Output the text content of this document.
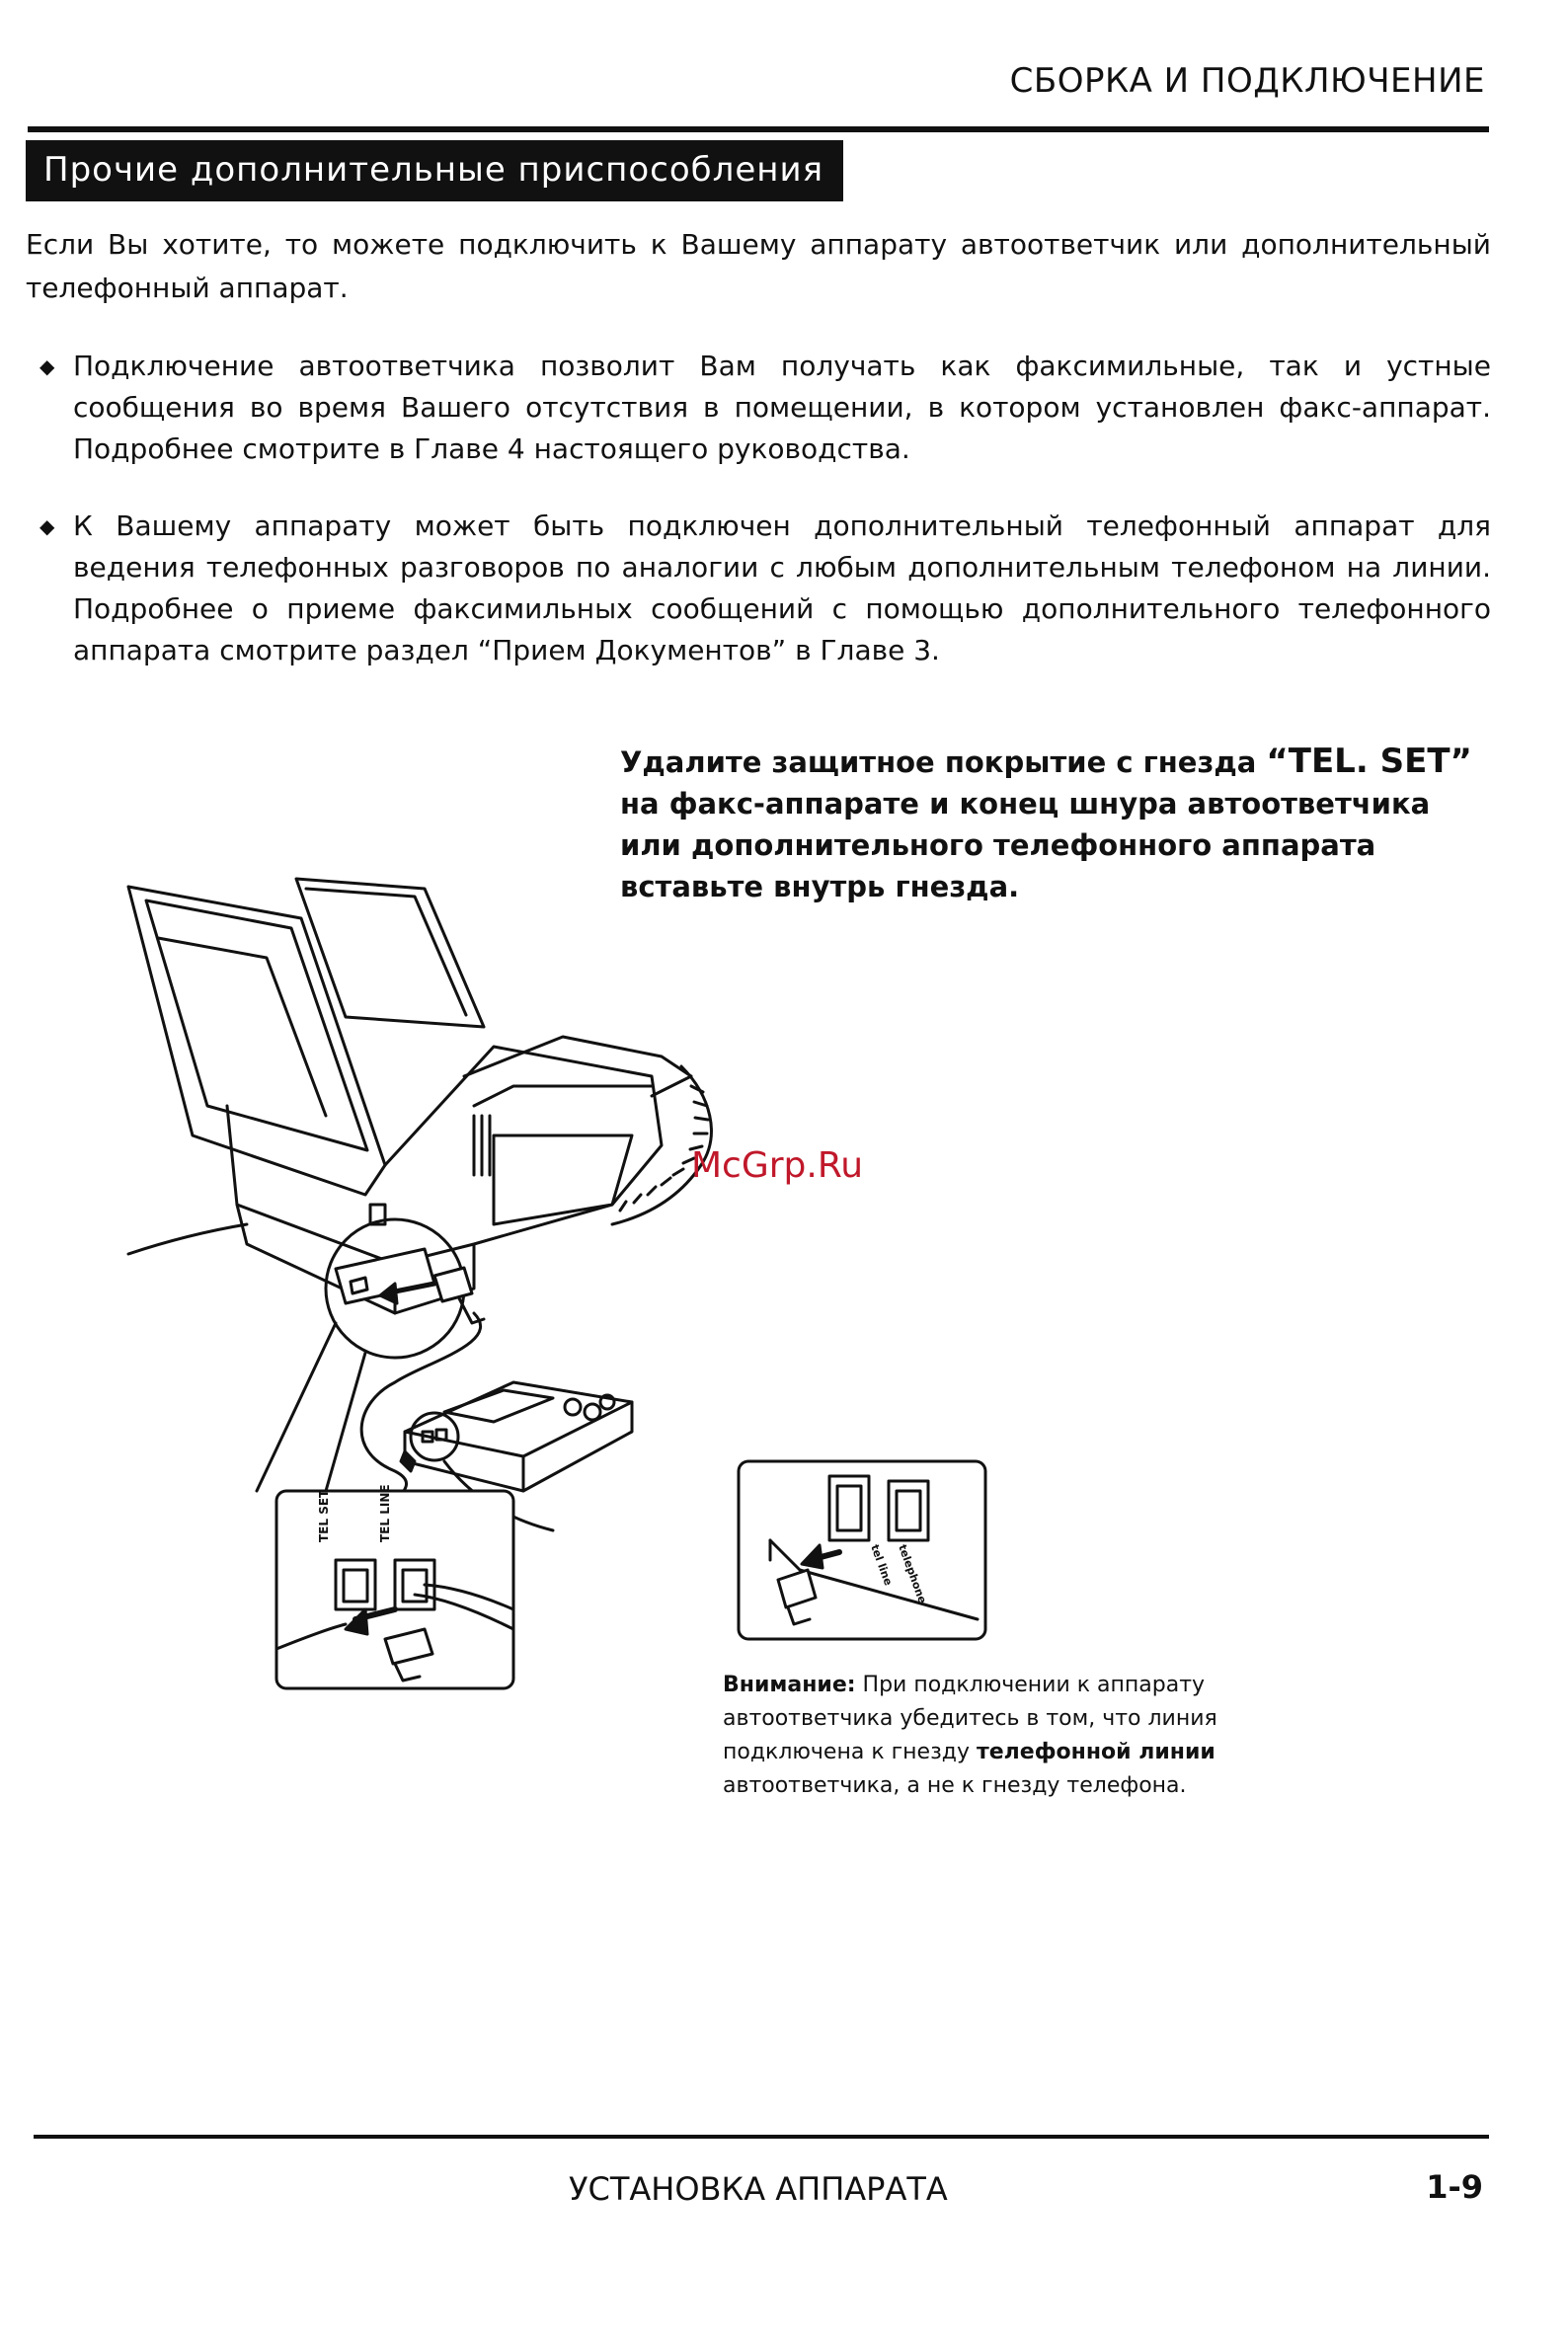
СБОРКА И ПОДКЛЮЧЕНИЕ
Прочие дополнительные приспособления
Если Вы хотите, то можете подключить к Вашему аппарату автоответчик или дополнительный телефонный аппарат.
◆ Подключение автоответчика позволит Вам получать как факсимильные, так и устные сообщения во время Вашего отсутствия в помещении, в котором установлен факс-аппарат. Подробнее смотрите в Главе 4 настоящего руководства.
◆ К Вашему аппарату может быть подключен дополнительный телефонный аппарат для ведения телефонных разговоров по аналогии с любым дополнительным телефоном на линии. Подробнее о приеме факсимильных сообщений с помощью дополнительного телефонного аппарата смотрите раздел “Прием Документов” в Главе 3.
Удалите защитное покрытие с гнезда “TEL. SET” на факс-аппарате и конец шнура автоответчика или дополнительного телефонного аппарата вставьте внутрь гнезда.
TEL SET	TEL LINE
tel line telephone
McGrp.Ru
Внимание: При подключении к аппарату автоответчика убедитесь в том, что линия подключена к гнезду телефонной линии автоответчика, а не к гнезду телефона.
УСТАНОВКА АППАРАТА	1-9
